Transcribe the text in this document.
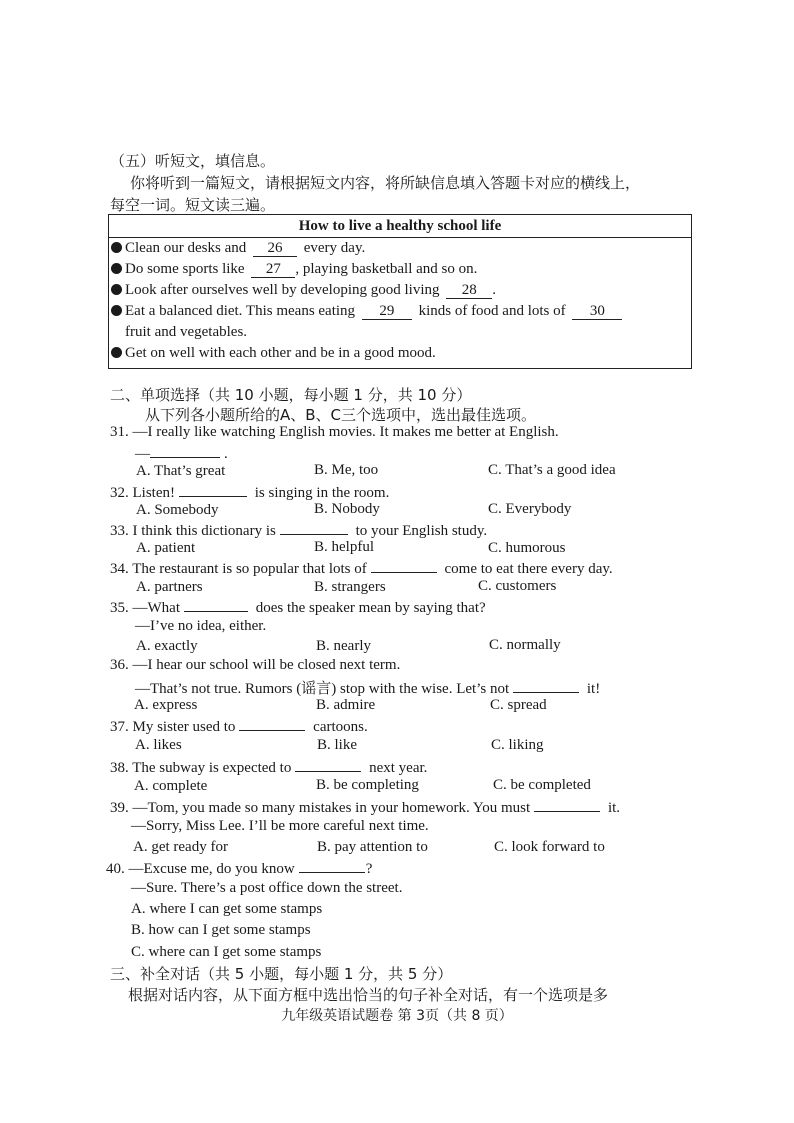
（五）听短文，填信息。
你将听到一篇短文，请根据短文内容，将所缺信息填入答题卡对应的横线上，
每空一词。短文读三遍。
How to live a healthy school life
Clean our desks and 26 every day.
Do some sports like 27 , playing basketball and so on.
Look after ourselves well by developing good living 28 .
Eat a balanced diet. This means eating 29 kinds of food and lots of 30
fruit and vegetables.
Get on well with each other and be in a good mood.
二、单项选择（共 10 小题，每小题 1 分，共 10 分）
从下列各小题所给的A、B、C三个选项中，选出最佳选项。
31. —I really like watching English movies. It makes me better at English.
—	.
A. That’s great	B. Me, too	C. That’s a good idea
32. Listen!	is singing in the room.
A. Somebody	B. Nobody	C. Everybody
33. I think this dictionary is	to your English study.
A. patient	B. helpful	C. humorous
34. The restaurant is so popular that lots of	come to eat there every day.
A. partners	B. strangers	C. customers
35. —What	does the speaker mean by saying that?
—I’ve no idea, either.
A. exactly	B. nearly	C. normally
36. —I hear our school will be closed next term.
—That’s not true. Rumors (谣言) stop with the wise. Let’s not	it!
A. express	B. admire	C. spread
37. My sister used to	cartoons.
A. likes	B. like	C. liking
38. The subway is expected to	next year.
A. complete	B. be completing	C. be completed
39. —Tom, you made so many mistakes in your homework. You must	it.
—Sorry, Miss Lee. I’ll be more careful next time.
A. get ready for	B. pay attention to	C. look forward to
40. —Excuse me, do you know	?
—Sure. There’s a post office down the street.
A. where I can get some stamps
B. how can I get some stamps
C. where can I get some stamps
三、补全对话（共 5 小题，每小题 1 分，共 5 分）
根据对话内容，从下面方框中选出恰当的句子补全对话，有一个选项是多
九年级英语试题卷 第 3页（共 8 页）
